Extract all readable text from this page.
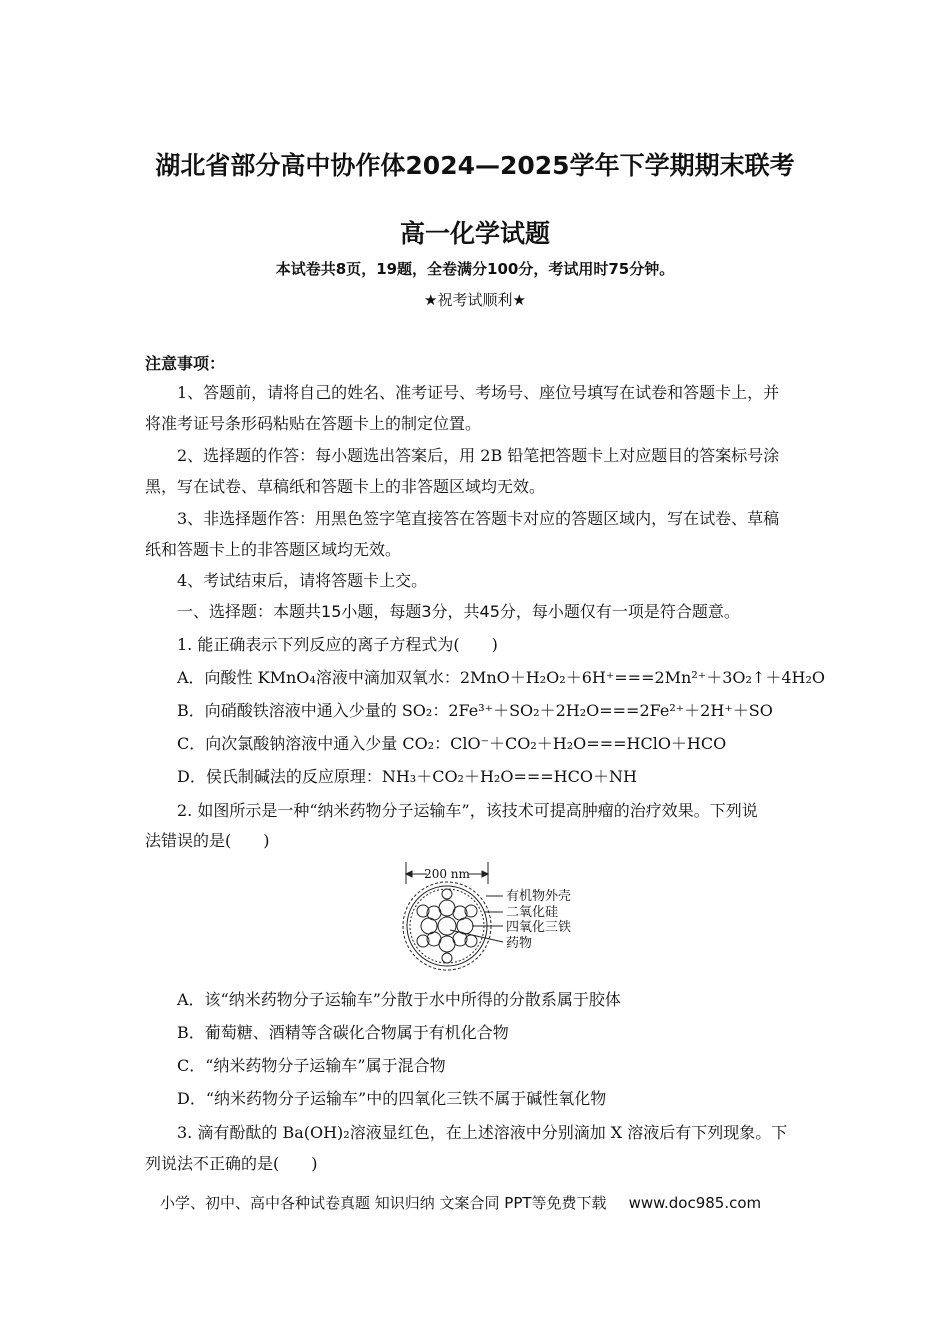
湖北省部分高中协作体2024—2025学年下学期期末联考
高一化学试题
本试卷共8页，19题，全卷满分100分，考试用时75分钟。
★祝考试顺利★
注意事项：
1、答题前，请将自己的姓名、准考证号、考场号、座位号填写在试卷和答题卡上，并
将准考证号条形码粘贴在答题卡上的制定位置。
2、选择题的作答：每小题选出答案后，用 2B 铅笔把答题卡上对应题目的答案标号涂
黑，写在试卷、草稿纸和答题卡上的非答题区域均无效。
3、非选择题作答：用黑色签字笔直接答在答题卡对应的答题区域内，写在试卷、草稿
纸和答题卡上的非答题区域均无效。
4、考试结束后，请将答题卡上交。
一、选择题：本题共15小题，每题3分，共45分，每小题仅有一项是符合题意。
1. 能正确表示下列反应的离子方程式为(　　)
A．向酸性 KMnO₄溶液中滴加双氧水：2MnO＋H₂O₂＋6H⁺===2Mn²⁺＋3O₂↑＋4H₂O
B．向硝酸铁溶液中通入少量的 SO₂：2Fe³⁺＋SO₂＋2H₂O===2Fe²⁺＋2H⁺＋SO
C．向次氯酸钠溶液中通入少量 CO₂：ClO⁻＋CO₂＋H₂O===HClO＋HCO
D．侯氏制碱法的反应原理：NH₃＋CO₂＋H₂O===HCO＋NH
2. 如图所示是一种“纳米药物分子运输车”，该技术可提高肿瘤的治疗效果。下列说
法错误的是(　　)
200 nm
有机物外壳
二氧化硅
四氧化三铁
药物
A．该“纳米药物分子运输车”分散于水中所得的分散系属于胶体
B．葡萄糖、酒精等含碳化合物属于有机化合物
C．“纳米药物分子运输车”属于混合物
D．“纳米药物分子运输车”中的四氧化三铁不属于碱性氧化物
3. 滴有酚酞的 Ba(OH)₂溶液显红色，在上述溶液中分别滴加 X 溶液后有下列现象。下
列说法不正确的是(　　)
小学、初中、高中各种试卷真题 知识归纳 文案合同 PPT等免费下载 www.doc985.com
